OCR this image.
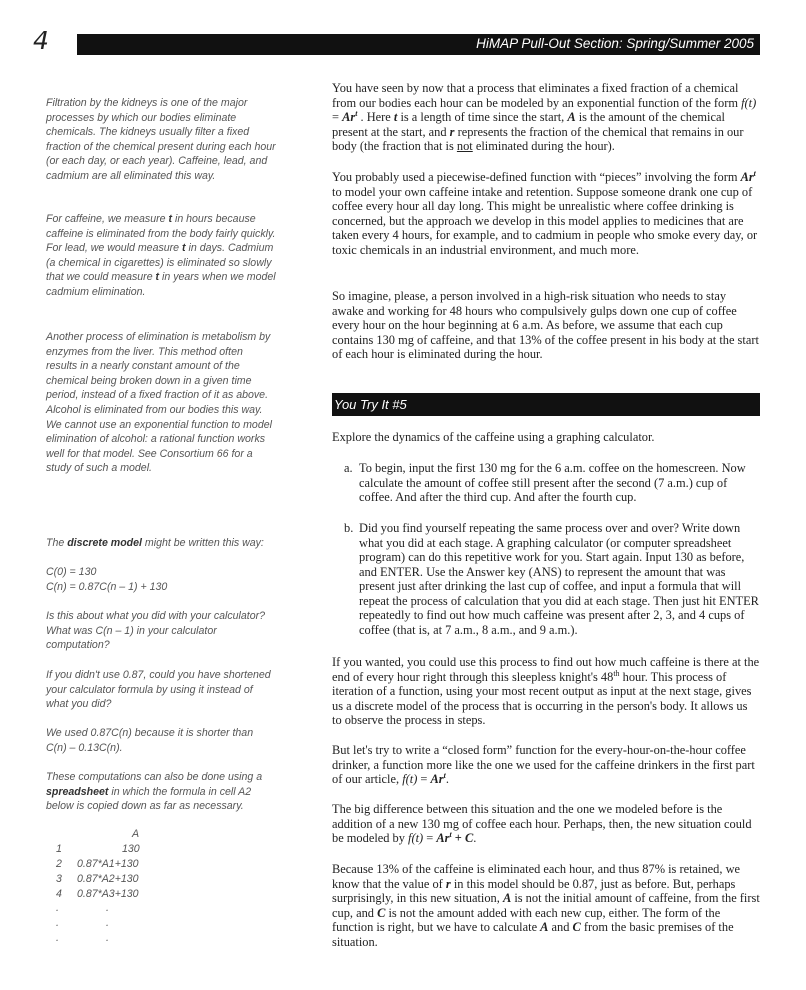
4	HiMAP Pull-Out Section: Spring/Summer 2005

Filtration by the kidneys is one of the major processes by which our bodies eliminate chemicals. The kidneys usually filter a fixed fraction of the chemical present during each hour (or each day, or each year). Caffeine, lead, and cadmium are all eliminated this way.

For caffeine, we measure t in hours because caffeine is eliminated from the body fairly quickly. For lead, we would measure t in days. Cadmium (a chemical in cigarettes) is eliminated so slowly that we could measure t in years when we model cadmium elimination.

Another process of elimination is metabolism by enzymes from the liver. This method often results in a nearly constant amount of the chemical being broken down in a given time period, instead of a fixed fraction of it as above. Alcohol is eliminated from our bodies this way. We cannot use an exponential function to model elimination of alcohol: a rational function works well for that model. See Consortium 66 for a study of such a model.

The discrete model might be written this way:

C(0) = 130
C(n) = 0.87C(n – 1) + 130

Is this about what you did with your calculator? What was C(n – 1) in your calculator computation?

If you didn't use 0.87, could you have shortened your calculator formula by using it instead of what you did?

We used 0.87C(n) because it is shorter than C(n) – 0.13C(n).

These computations can also be done using a spreadsheet in which the formula in cell A2 below is copied down as far as necessary.

A
1	130
2	0.87*A1+130
3	0.87*A2+130
4	0.87*A3+130
.	.
.	.
.	.

You have seen by now that a process that eliminates a fixed fraction of a chemical from our bodies each hour can be modeled by an exponential function of the form $f(t) = Ar^t$ . Here t is a length of time since the start, A is the amount of the chemical present at the start, and r represents the fraction of the chemical that remains in our body (the fraction that is not eliminated during the hour).

You probably used a piecewise-defined function with “pieces” involving the form Ar$^t$ to model your own caffeine intake and retention. Suppose someone drank one cup of coffee every hour all day long. This might be unrealistic where coffee drinking is concerned, but the approach we develop in this model applies to medicines that are taken every 4 hours, for example, and to cadmium in people who smoke every day, or toxic chemicals in an industrial environment, and much more.

So imagine, please, a person involved in a high-risk situation who needs to stay awake and working for 48 hours who compulsively gulps down one cup of coffee every hour on the hour beginning at 6 a.m. As before, we assume that each cup contains 130 mg of caffeine, and that 13% of the coffee present in his body at the start of each hour is eliminated during the hour.

You Try It #5

Explore the dynamics of the caffeine using a graphing calculator.

a. To begin, input the first 130 mg for the 6 a.m. coffee on the homescreen. Now calculate the amount of coffee still present after the second (7 a.m.) cup of coffee. And after the third cup. And after the fourth cup.
b. Did you find yourself repeating the same process over and over? Write down what you did at each stage. A graphing calculator (or computer spreadsheet program) can do this repetitive work for you. Start again. Input 130 as before, and ENTER. Use the Answer key (ANS) to represent the amount that was present just after drinking the last cup of coffee, and input a formula that will repeat the process of calculation that you did at each stage. Then just hit ENTER repeatedly to find out how much caffeine was present after 2, 3, and 4 cups of coffee (that is, at 7 a.m., 8 a.m., and 9 a.m.).

If you wanted, you could use this process to find out how much caffeine is there at the end of every hour right through this sleepless knight's 48th hour. This process of iteration of a function, using your most recent output as input at the next stage, gives us a discrete model of the process that is occurring in the person's body. It allows us to observe the process in steps.

But let's try to write a “closed form” function for the every-hour-on-the-hour coffee drinker, a function more like the one we used for the caffeine drinkers in the first part of our article, $f(t) = Ar^t$.

The big difference between this situation and the one we modeled before is the addition of a new 130 mg of coffee each hour. Perhaps, then, the new situation could be modeled by $f(t) = Ar^t + C$.

Because 13% of the caffeine is eliminated each hour, and thus 87% is retained, we know that the value of r in this model should be 0.87, just as before. But, perhaps surprisingly, in this new situation, A is not the initial amount of caffeine, from the first cup, and C is not the amount added with each new cup, either. The form of the function is right, but we have to calculate A and C from the basic premises of the situation.
